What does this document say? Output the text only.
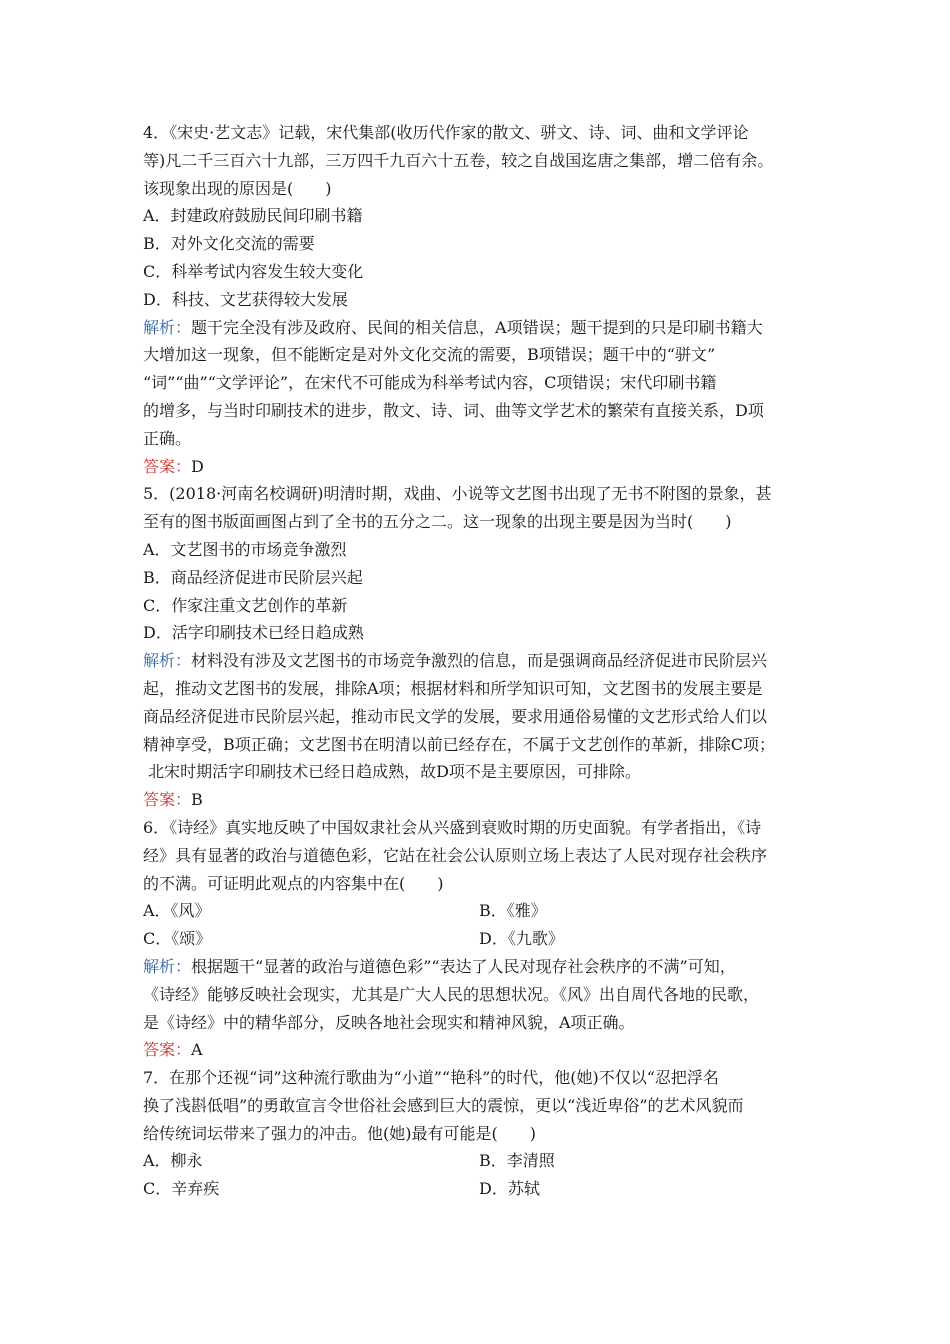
4．《宋史·艺文志》记载，宋代集部(收历代作家的散文、骈文、诗、词、曲和文学评论
等)凡二千三百六十九部，三万四千九百六十五卷，较之自战国迄唐之集部，增二倍有余。
该现象出现的原因是(　　)
A．封建政府鼓励民间印刷书籍
B．对外文化交流的需要
C．科举考试内容发生较大变化
D．科技、文艺获得较大发展
解析：题干完全没有涉及政府、民间的相关信息，A项错误；题干提到的只是印刷书籍大
大增加这一现象，但不能断定是对外文化交流的需要，B项错误；题干中的“骈文”
“词”“曲”“文学评论”，在宋代不可能成为科举考试内容，C项错误；宋代印刷书籍
的增多，与当时印刷技术的进步，散文、诗、词、曲等文学艺术的繁荣有直接关系，D项
正确。
答案：D
5．(2018·河南名校调研)明清时期，戏曲、小说等文艺图书出现了无书不附图的景象，甚
至有的图书版面画图占到了全书的五分之二。这一现象的出现主要是因为当时(　　)
A．文艺图书的市场竞争激烈
B．商品经济促进市民阶层兴起
C．作家注重文艺创作的革新
D．活字印刷技术已经日趋成熟
解析：材料没有涉及文艺图书的市场竞争激烈的信息，而是强调商品经济促进市民阶层兴
起，推动文艺图书的发展，排除A项；根据材料和所学知识可知，文艺图书的发展主要是
商品经济促进市民阶层兴起，推动市民文学的发展，要求用通俗易懂的文艺形式给人们以
精神享受，B项正确；文艺图书在明清以前已经存在，不属于文艺创作的革新，排除C项；
北宋时期活字印刷技术已经日趋成熟，故D项不是主要原因，可排除。
答案：B
6．《诗经》真实地反映了中国奴隶社会从兴盛到衰败时期的历史面貌。有学者指出，《诗
经》具有显著的政治与道德色彩，它站在社会公认原则立场上表达了人民对现存社会秩序
的不满。可证明此观点的内容集中在(　　)
A．《风》	B．《雅》
C．《颂》	D．《九歌》
解析：根据题干“显著的政治与道德色彩”“表达了人民对现存社会秩序的不满”可知，
《诗经》能够反映社会现实，尤其是广大人民的思想状况。《风》出自周代各地的民歌，
是《诗经》中的精华部分，反映各地社会现实和精神风貌，A项正确。
答案：A
7．在那个还视“词”这种流行歌曲为“小道”“艳科”的时代，他(她)不仅以“忍把浮名
换了浅斟低唱”的勇敢宣言令世俗社会感到巨大的震惊，更以“浅近卑俗”的艺术风貌而
给传统词坛带来了强力的冲击。他(她)最有可能是(　　)
A．柳永	B．李清照
C．辛弃疾	D．苏轼
